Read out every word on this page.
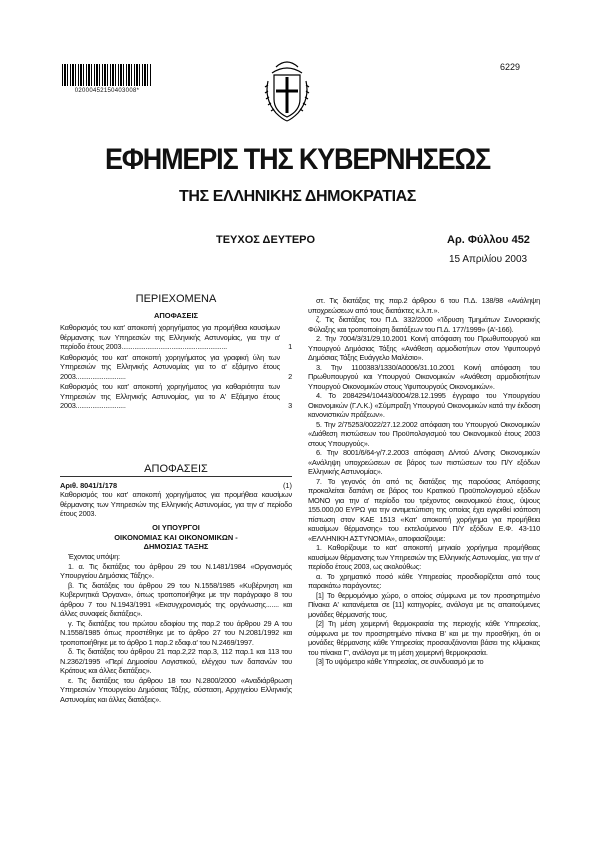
02000452150403008*
6229
ΕΦΗΜΕΡΙΣ ΤΗΣ ΚΥΒΕΡΝΗΣΕΩΣ
ΤΗΣ ΕΛΛΗΝΙΚΗΣ ΔΗΜΟΚΡΑΤΙΑΣ
ΤΕΥΧΟΣ ΔΕΥΤΕΡΟ	Αρ. Φύλλου 452
15 Απριλίου 2003
ΠΕΡΙΕΧΟΜΕΝΑ
ΑΠΟΦΑΣΕΙΣ
Καθορισμός του κατ' αποκοπή χορηγήματος για προμήθεια καυσίμων θέρμανσης των Υπηρεσιών της Ελληνικής Αστυνομίας, για την α' περίοδο έτους 2003.........................................................	1
Καθορισμός του κατ' αποκοπή χορηγήματος για γραφική ύλη των Υπηρεσιών της Ελληνικής Αστυνομίας για το α' εξάμηνο έτους 2003...........................	2
Καθορισμός του κατ' αποκοπή χορηγήματος για καθαριότητα των Υπηρεσιών της Ελληνικής Αστυνομίας, για το Α' Εξάμηνο έτους 2003...........................	3
ΑΠΟΦΑΣΕΙΣ
Αριθ. 8041/1/178	(1)
Καθορισμός του κατ' αποκοπή χορηγήματος για προμήθεια καυσίμων θέρμανσης των Υπηρεσιών της Ελληνικής Αστυνομίας, για την α' περίοδο έτους 2003.
ΟΙ ΥΠΟΥΡΓΟΙ
ΟΙΚΟΝΟΜΙΑΣ ΚΑΙ ΟΙΚΟΝΟΜΙΚΩΝ -
ΔΗΜΟΣΙΑΣ ΤΑΞΗΣ

Έχοντας υπόψη:

1. α. Τις διατάξεις του άρθρου 29 του Ν.1481/1984 «Οργανισμός Υπουργείου Δημόσιας Τάξης».

β. Τις διατάξεις του άρθρου 29 του Ν.1558/1985 «Κυβέρνηση και Κυβερνητικά Όργανα», όπως τροποποιήθηκε με την παράγραφο 8 του άρθρου 7 του Ν.1943/1991 «Εκσυγχρονισμός της οργάνωσης....... και άλλες συναφείς διατάξεις».

γ. Τις διατάξεις του πρώτου εδαφίου της παρ.2 του άρθρου 29 Α του Ν.1558/1985 όπως προστέθηκε με το άρθρο 27 του Ν.2081/1992 και τροποποιήθηκε με το άρθρο 1 παρ.2 εδαφ.α' του Ν.2469/1997.

δ. Τις διατάξεις του άρθρου 21 παρ.2,22 παρ.3, 112 παρ.1 και 113 του Ν.2362/1995 «Περί Δημοσίου Λογιστικού, ελέγχου των δαπανών του Κράτους και άλλες διατάξεις».

ε. Τις διατάξεις του άρθρου 18 του Ν.2800/2000 «Αναδιάρθρωση Υπηρεσιών Υπουργείου Δημόσιας Τάξης, σύσταση, Αρχηγείου Ελληνικής Αστυνομίας και άλλες διατάξεις».

στ. Τις διατάξεις της παρ.2 άρθρου 6 του Π.Δ. 138/98 «Ανάληψη υποχρεώσεων από τους διατάκτες κ.λ.π.».

ζ. Τις διατάξεις του Π.Δ. 332/2000 «Ίδρυση Τμημάτων Συνοριακής Φύλαξης και τροποποίηση διατάξεων του Π.Δ. 177/1999» (Α'-166).

2. Την 7004/3/31/29.10.2001 Κοινή απόφαση του Πρωθυπουργού και Υπουργού Δημόσιας Τάξης «Ανάθεση αρμοδιοτήτων στον Υφυπουργό Δημόσιας Τάξης Ευάγγελο Μαλέσιο».

3. Την 1100383/1330/Α0006/31.10.2001 Κοινή απόφαση του Πρωθυπουργού και Υπουργού Οικονομικών «Ανάθεση αρμοδιοτήτων Υπουργού Οικονομικών στους Υφυπουργούς Οικονομικών».

4. Το 2084294/10443/0004/28.12.1995 έγγραφο του Υπουργείου Οικονομικών (Γ.Λ.Κ.) «Σύμπραξη Υπουργού Οικονομικών κατά την έκδοση κανονιστικών πράξεων».

5. Την 2/75253/0022/27.12.2002 απόφαση του Υπουργού Οικονομικών «Διάθεση πιστώσεων του Προϋπολογισμού του Οικονομικού έτους 2003 στους Υπουργούς».

6. Την 8001/6/64-γ/7.2.2003 απόφαση Δ/ντού Δ/νσης Οικονομικών «Ανάληψη υποχρεώσεων σε βάρος των πιστώσεων του Π/Υ εξόδων Ελληνικής Αστυνομίας».

7. Το γεγονός ότι από τις διατάξεις της παρούσας Απόφασης προκαλείται δαπάνη σε βάρος του Κρατικού Προϋπολογισμού εξόδων ΜΟΝΟ για την α' περίοδο του τρέχοντος οικονομικού έτους, ύψους 155.000,00 ΕΥΡΩ για την αντιμετώπιση της οποίας έχει εγκριθεί ισόποση πίστωση στον ΚΑΕ 1513 «Κατ' αποκοπή χορήγημα για προμήθεια καυσίμων θέρμανσης» του εκτελούμενου Π/Υ εξόδων Ε.Φ. 43-110 «ΕΛΛΗΝΙΚΗ ΑΣΤΥΝΟΜΙΑ», αποφασίζουμε:

1. Καθορίζουμε το κατ' αποκοπή μηνιαίο χορήγημα προμήθειας καυσίμων θέρμανσης των Υπηρεσιών της Ελληνικής Αστυνομίας, για την α' περίοδο έτους 2003, ως ακολούθως:

α. Το χρηματικό ποσό κάθε Υπηρεσίας προσδιορίζεται από τους παρακάτω παράγοντες:

[1] Το θερμομόνιμο χώρο, ο οποίος σύμφωνα με τον προσηρτημένο Πίνακα Α' κατανέμεται σε [11] κατηγορίες, ανάλογα με τις απαιτούμενες μονάδες θέρμανσής τους.

[2] Τη μέση χειμερινή θερμοκρασία της περιοχής κάθε Υπηρεσίας, σύμφωνα με τον προσηρτημένο πίνακα Β' και με την προσθήκη, ότι οι μονάδες θέρμανσης κάθε Υπηρεσίας προσαυξάνονται βάσει της κλίμακας του πίνακα Γ', ανάλογα με τη μέση χειμερινή θερμοκρασία.

[3] Το υψόμετρο κάθε Υπηρεσίας, σε συνδυασμό με το
